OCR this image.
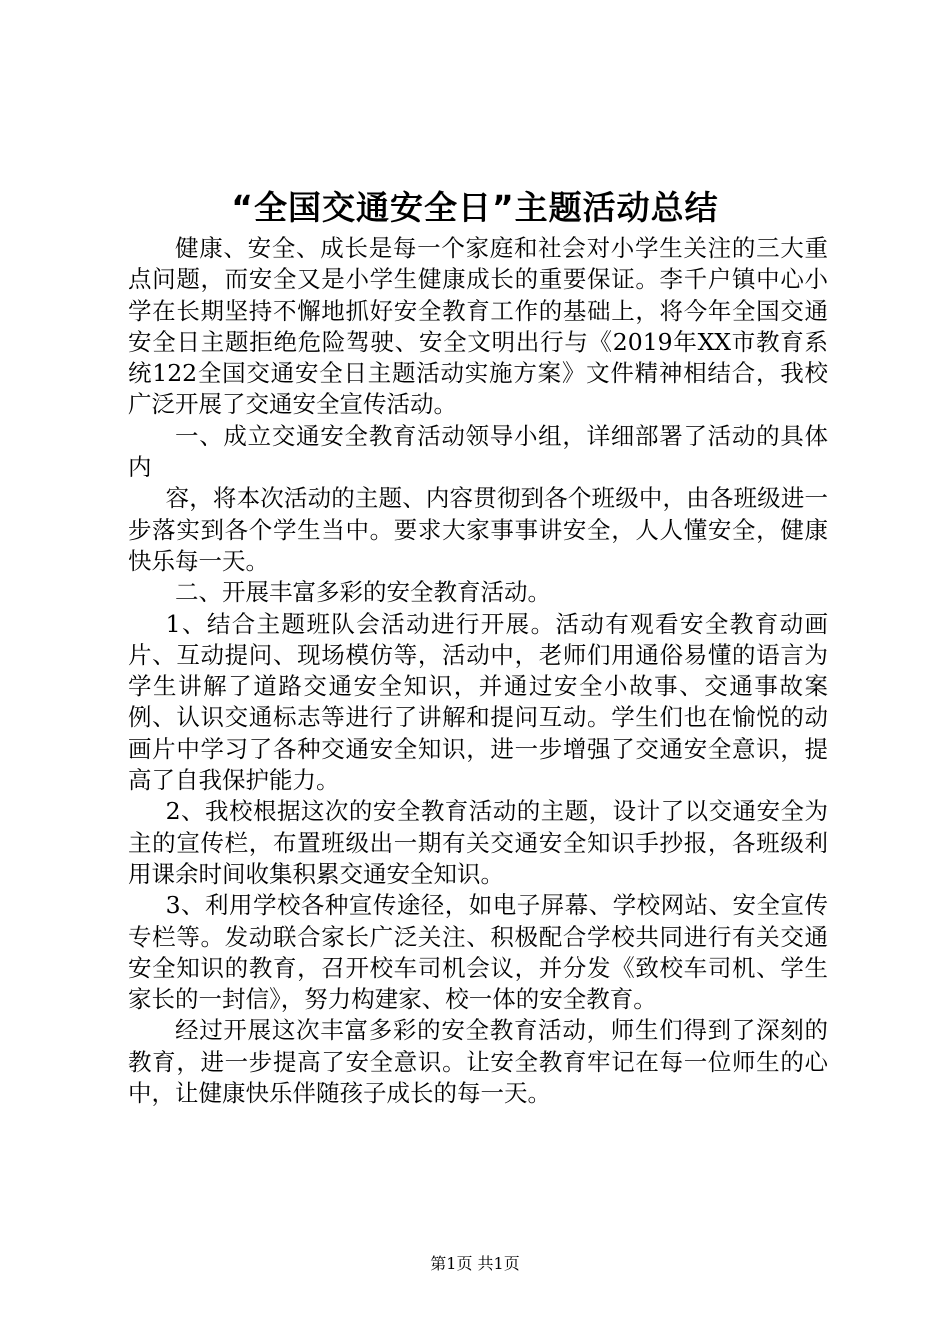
“全国交通安全日”主题活动总结

健康、安全、成长是每一个家庭和社会对小学生关注的三大重点问题，而安全又是小学生健康成长的重要保证。李千户镇中心小学在长期坚持不懈地抓好安全教育工作的基础上，将今年全国交通安全日主题拒绝危险驾驶、安全文明出行与《2019年XX市教育系统122全国交通安全日主题活动实施方案》文件精神相结合，我校广泛开展了交通安全宣传活动。

一、成立交通安全教育活动领导小组，详细部署了活动的具体内

容，将本次活动的主题、内容贯彻到各个班级中，由各班级进一步落实到各个学生当中。要求大家事事讲安全，人人懂安全，健康快乐每一天。

二、开展丰富多彩的安全教育活动。

1、结合主题班队会活动进行开展。活动有观看安全教育动画片、互动提问、现场模仿等，活动中，老师们用通俗易懂的语言为学生讲解了道路交通安全知识，并通过安全小故事、交通事故案例、认识交通标志等进行了讲解和提问互动。学生们也在愉悦的动画片中学习了各种交通安全知识，进一步增强了交通安全意识，提高了自我保护能力。

2、我校根据这次的安全教育活动的主题，设计了以交通安全为主的宣传栏，布置班级出一期有关交通安全知识手抄报，各班级利用课余时间收集积累交通安全知识。

3、利用学校各种宣传途径，如电子屏幕、学校网站、安全宣传专栏等。发动联合家长广泛关注、积极配合学校共同进行有关交通安全知识的教育，召开校车司机会议，并分发《致校车司机、学生家长的一封信》，努力构建家、校一体的安全教育。

经过开展这次丰富多彩的安全教育活动，师生们得到了深刻的教育，进一步提高了安全意识。让安全教育牢记在每一位师生的心中，让健康快乐伴随孩子成长的每一天。

第1页 共1页
